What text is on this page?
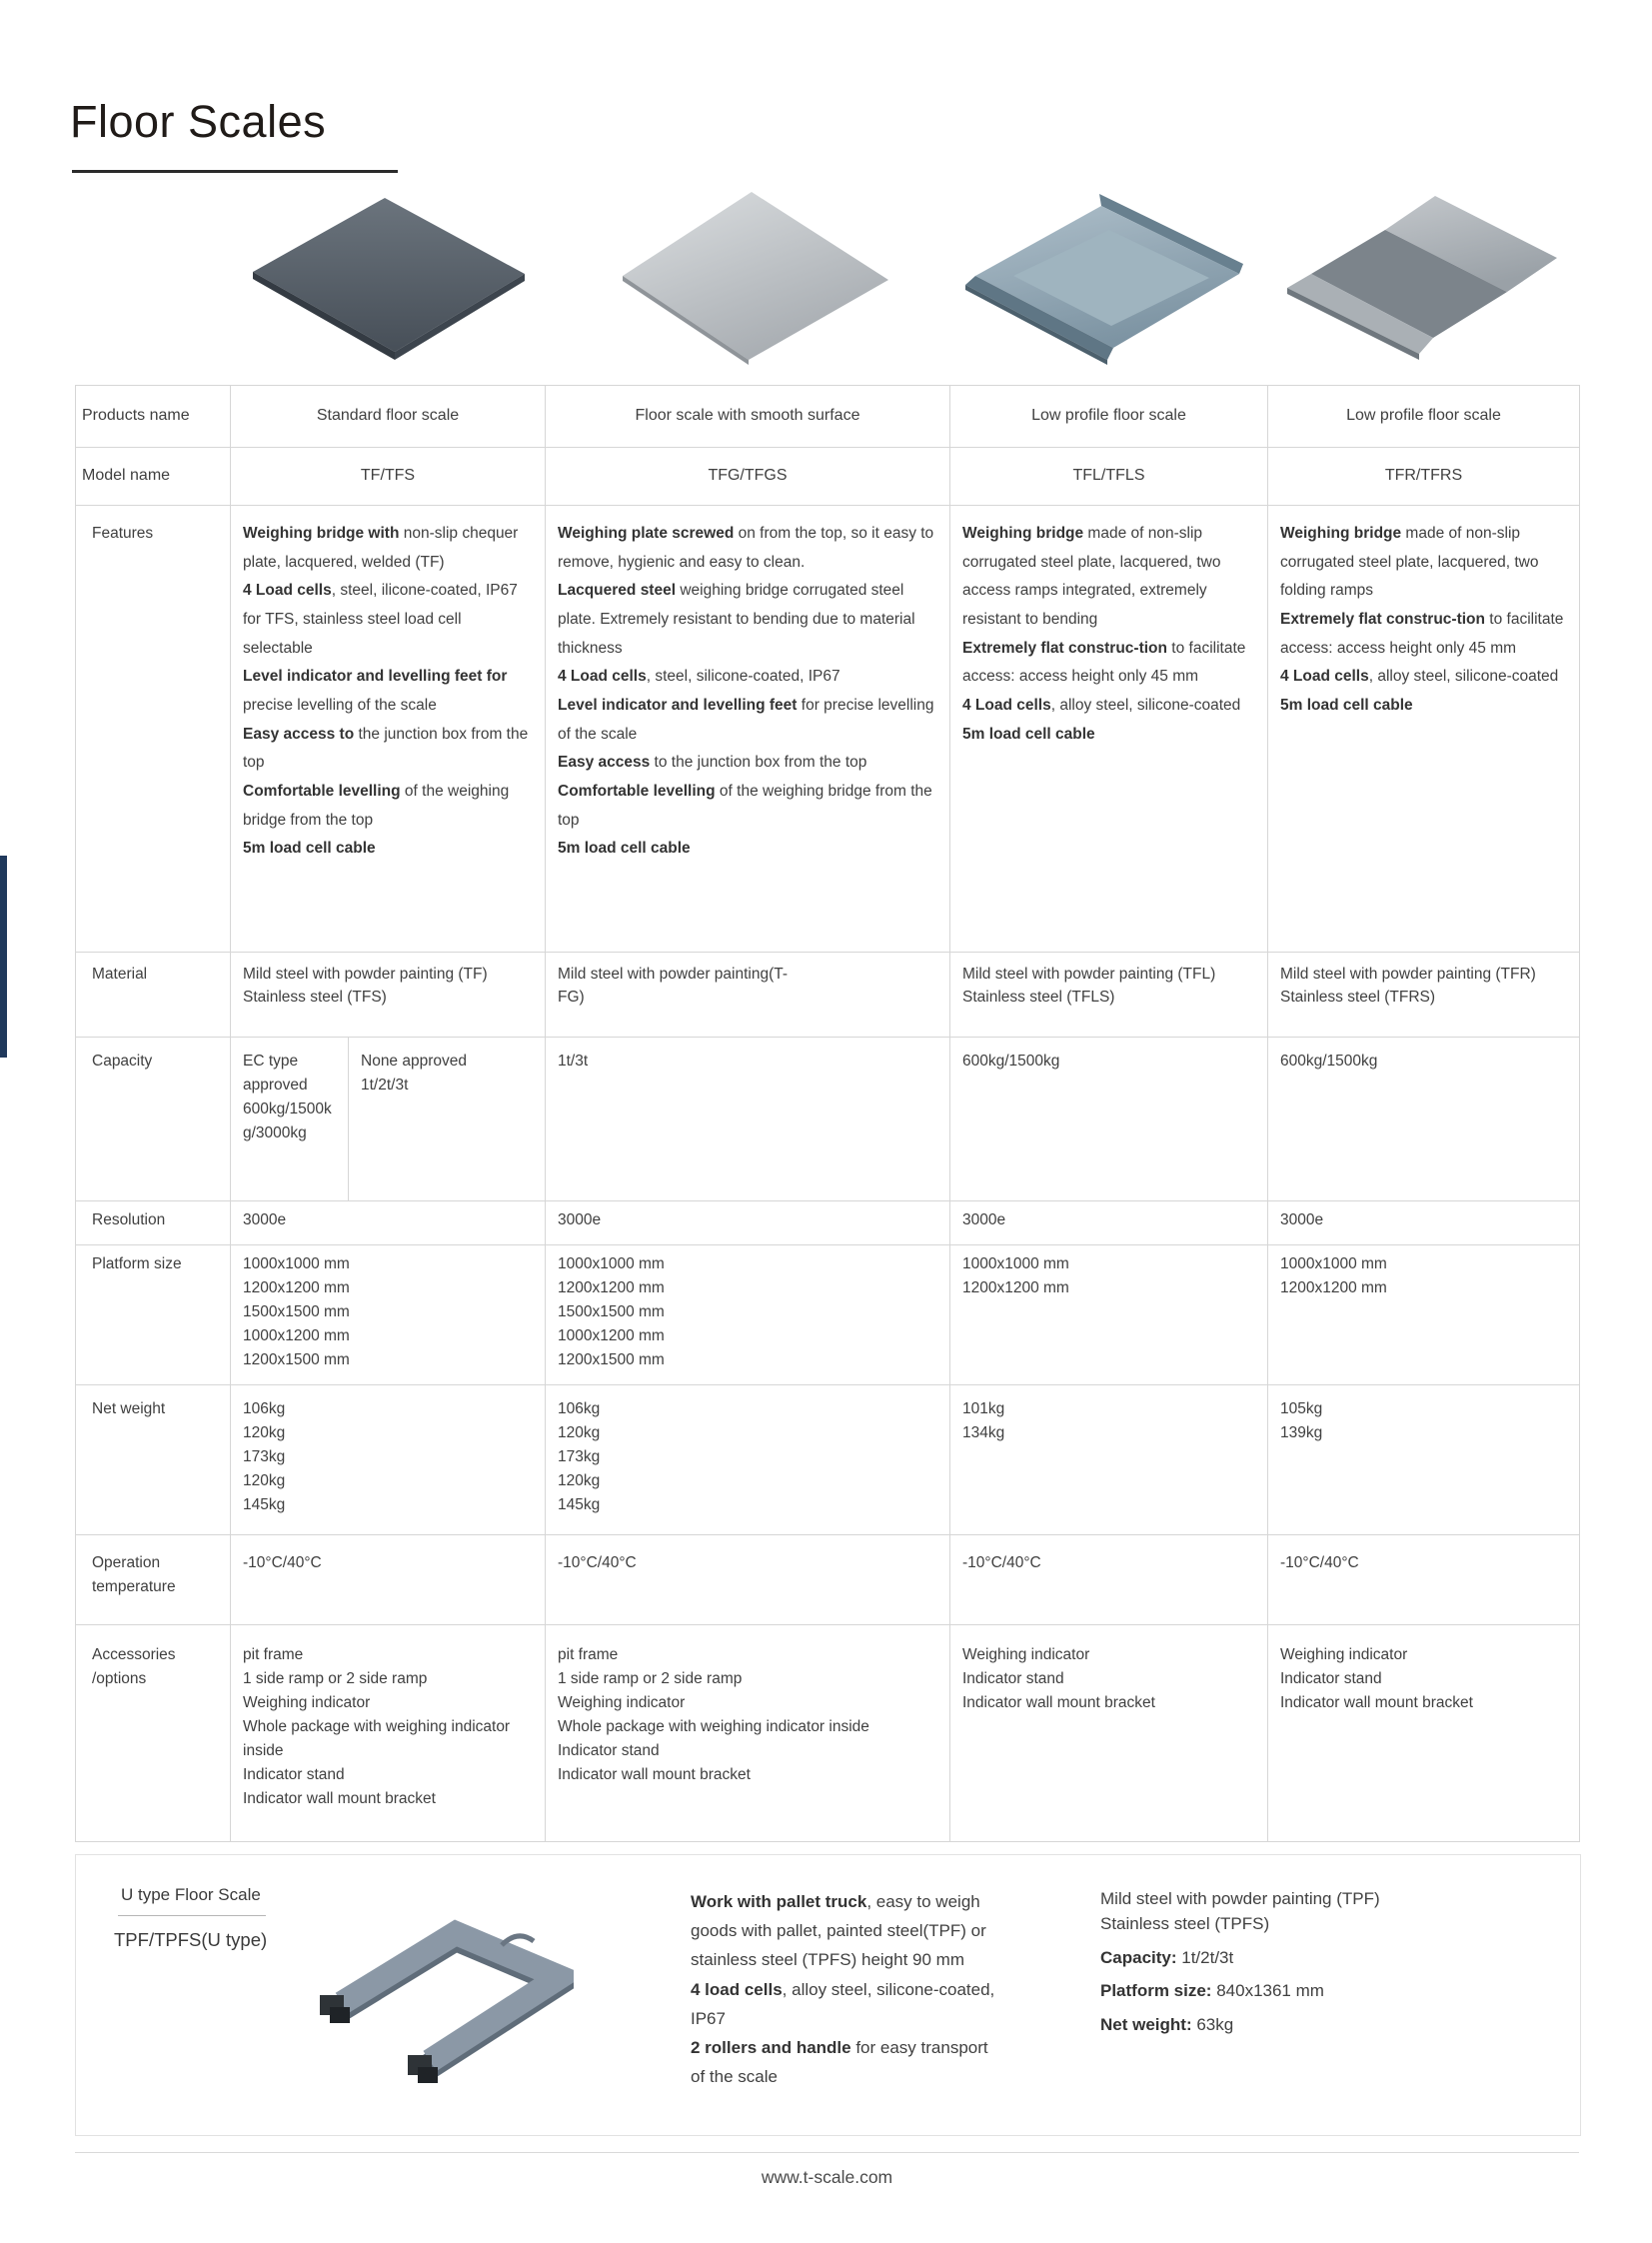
Floor Scales
Products name	Standard floor scale		Floor scale with smooth surface	Low profile floor scale	Low profile floor scale
Model name	TF/TFS		TFG/TFGS	TFL/TFLS	TFR/TFRS
Features	Weighing bridge with non-slip chequer plate, lacquered, welded (TF)
4 Load cells, steel, ilicone-coated, IP67 for TFS, stainless steel load cell selectable
Level indicator and levelling feet for precise levelling of the scale
Easy access to the junction box from the top
Comfortable levelling of the weighing bridge from the top
5m load cell cable

Weighing plate screwed on from the top, so it easy to remove, hygienic and easy to clean.
Lacquered steel weighing bridge corrugated steel plate. Extremely resistant to bending due to material thickness
4 Load cells, steel, silicone-coated, IP67
Level indicator and levelling feet for precise levelling of the scale
Easy access to the junction box from the top
Comfortable levelling of the weighing bridge from the top
5m load cell cable

Weighing bridge made of non-slip corrugated steel plate, lacquered, two access ramps integrated, extremely resistant to bending
Extremely flat construc-tion to facilitate access: access height only 45 mm
4 Load cells, alloy steel, silicone-coated
5m load cell cable

Weighing bridge made of non-slip corrugated steel plate, lacquered, two folding ramps
Extremely flat construc-tion to facilitate access: access height only 45 mm
4 Load cells, alloy steel, silicone-coated
5m load cell cable

Material	Mild steel with powder painting (TF)
Stainless steel (TFS)

Mild steel with powder painting(T-
FG)

Mild steel with powder painting (TFL)
Stainless steel (TFLS)

Mild steel with powder painting (TFR)
Stainless steel (TFRS)

Capacity	EC type approved 600kg/1500kg/3000kg	None approved 1t/2t/3t	1t/3t	600kg/1500kg	600kg/1500kg
Resolution	3000e		3000e	3000e	3000e
Platform size	1000x1000 mm
1200x1200 mm
1500x1500 mm
1000x1200 mm
1200x1500 mm

1000x1000 mm
1200x1200 mm
1500x1500 mm
1000x1200 mm
1200x1500 mm

1000x1000 mm
1200x1200 mm

1000x1000 mm
1200x1200 mm

Net weight	106kg
120kg
173kg
120kg
145kg

106kg
120kg
173kg
120kg
145kg

101kg
134kg

105kg
139kg

Operation temperature	-10°C/40°C		-10°C/40°C	-10°C/40°C	-10°C/40°C
Accessories /options	
pit frame
1 side ramp or 2 side ramp
Weighing indicator
Whole package with weighing indicator inside
Indicator stand
Indicator wall mount bracket

pit frame
1 side ramp or 2 side ramp
Weighing indicator
Whole package with weighing indicator inside
Indicator stand
Indicator wall mount bracket

Weighing indicator
Indicator stand
Indicator wall mount bracket

Weighing indicator
Indicator stand
Indicator wall mount bracket
U type Floor Scale
TPF/TPFS(U type)
Work with pallet truck, easy to weigh goods with pallet, painted steel(TPF) or stainless steel (TPFS) height 90 mm
4 load cells, alloy steel, silicone-coated, IP67
2 rollers and handle for easy transport of the scale
Mild steel with powder painting (TPF)
Stainless steel (TPFS)
Capacity: 1t/2t/3t
Platform size: 840x1361 mm
Net weight: 63kg
www.t-scale.com
